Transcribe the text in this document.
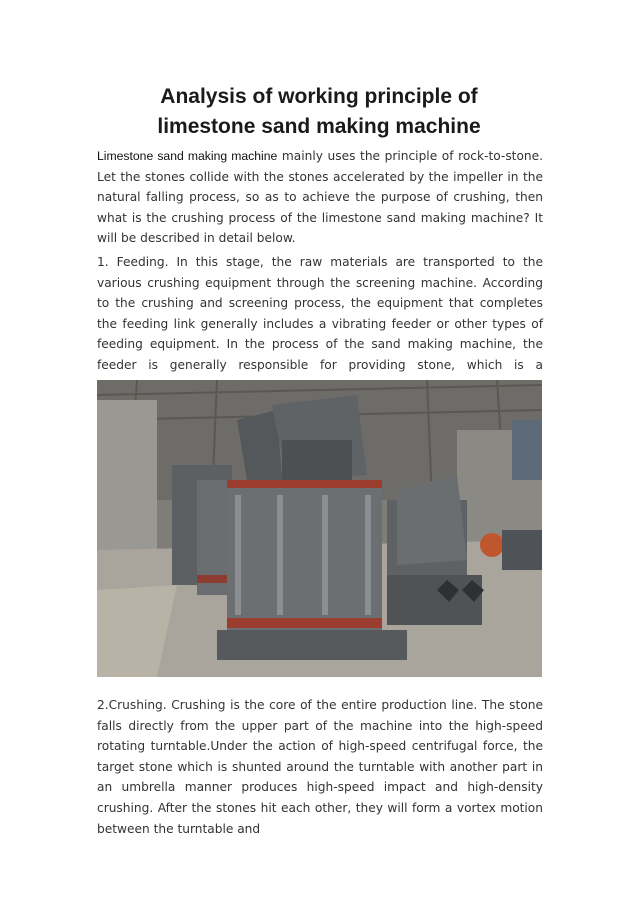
Analysis of working principle of
limestone sand making machine

Limestone sand making machine mainly uses the principle of rock-to-stone. Let the stones collide with the stones accelerated by the impeller in the natural falling process, so as to achieve the purpose of crushing, then what is the crushing process of the limestone sand making machine? It will be described in detail below.

1. Feeding. In this stage, the raw materials are transported to the various crushing equipment through the screening machine. According to the crushing and screening process, the equipment that completes the feeding link generally includes a vibrating feeder or other types of feeding equipment. In the process of the sand making machine, the feeder is generally responsible for providing stone, which is a

2.Crushing. Crushing is the core of the entire production line. The stone falls directly from the upper part of the machine into the high-speed rotating turntable.Under the action of high-speed centrifugal force, the target stone which is shunted around the turntable with another part in an umbrella manner produces high-speed impact and high-density crushing. After the stones hit each other, they will form a vortex motion between the turntable and
